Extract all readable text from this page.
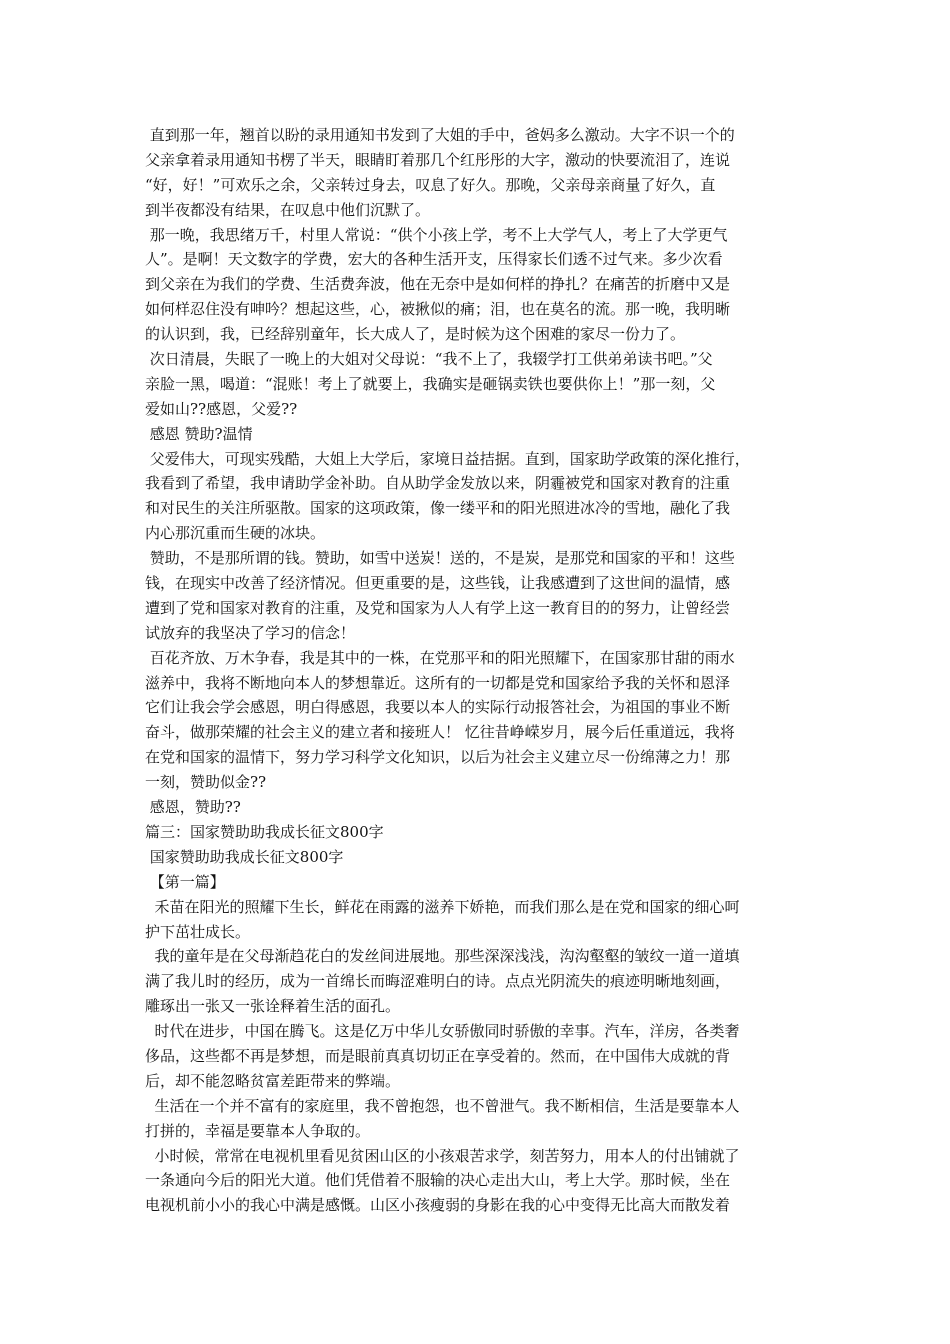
直到那一年，翘首以盼的录用通知书发到了大姐的手中，爸妈多么激动。大字不识一个的
父亲拿着录用通知书楞了半天，眼睛盯着那几个红彤彤的大字，激动的快要流泪了，连说
“好，好！”可欢乐之余，父亲转过身去，叹息了好久。那晚，父亲母亲商量了好久，直
到半夜都没有结果，在叹息中他们沉默了。
那一晚，我思绪万千，村里人常说：“供个小孩上学，考不上大学气人，考上了大学更气
人”。是啊！天文数字的学费，宏大的各种生活开支，压得家长们透不过气来。多少次看
到父亲在为我们的学费、生活费奔波，他在无奈中是如何样的挣扎？在痛苦的折磨中又是
如何样忍住没有呻吟？想起这些，心，被揪似的痛；泪，也在莫名的流。那一晚，我明晰
的认识到，我，已经辞别童年，长大成人了，是时候为这个困难的家尽一份力了。
次日清晨，失眠了一晚上的大姐对父母说：“我不上了，我辍学打工供弟弟读书吧。”父
亲脸一黑，喝道：“混账！考上了就要上，我确实是砸锅卖铁也要供你上！”那一刻，父
爱如山??感恩，父爱??
感恩 赞助?温情
父爱伟大，可现实残酷，大姐上大学后，家境日益拮据。直到，国家助学政策的深化推行，
我看到了希望，我申请助学金补助。自从助学金发放以来，阴霾被党和国家对教育的注重
和对民生的关注所驱散。国家的这项政策，像一缕平和的阳光照进冰冷的雪地，融化了我
内心那沉重而生硬的冰块。
赞助，不是那所谓的钱。赞助，如雪中送炭！送的，不是炭，是那党和国家的平和！这些
钱，在现实中改善了经济情况。但更重要的是，这些钱，让我感遭到了这世间的温情，感
遭到了党和国家对教育的注重，及党和国家为人人有学上这一教育目的的努力，让曾经尝
试放弃的我坚决了学习的信念！
百花齐放、万木争春，我是其中的一株，在党那平和的阳光照耀下，在国家那甘甜的雨水
滋养中，我将不断地向本人的梦想靠近。这所有的一切都是党和国家给予我的关怀和恩泽
它们让我会学会感恩，明白得感恩，我要以本人的实际行动报答社会，为祖国的事业不断
奋斗，做那荣耀的社会主义的建立者和接班人！ 忆往昔峥嵘岁月，展今后任重道远，我将
在党和国家的温情下，努力学习科学文化知识，以后为社会主义建立尽一份绵薄之力！那
一刻，赞助似金??
感恩，赞助??
篇三：国家赞助助我成长征文800字
国家赞助助我成长征文800字
【第一篇】
禾苗在阳光的照耀下生长，鲜花在雨露的滋养下娇艳，而我们那么是在党和国家的细心呵
护下茁壮成长。
我的童年是在父母渐趋花白的发丝间进展地。那些深深浅浅，沟沟壑壑的皱纹一道一道填
满了我儿时的经历，成为一首绵长而晦涩难明白的诗。点点光阴流失的痕迹明晰地刻画，
雕琢出一张又一张诠释着生活的面孔。
时代在进步，中国在腾飞。这是亿万中华儿女骄傲同时骄傲的幸事。汽车，洋房，各类奢
侈品，这些都不再是梦想，而是眼前真真切切正在享受着的。然而，在中国伟大成就的背
后，却不能忽略贫富差距带来的弊端。
生活在一个并不富有的家庭里，我不曾抱怨，也不曾泄气。我不断相信，生活是要靠本人
打拼的，幸福是要靠本人争取的。
小时候，常常在电视机里看见贫困山区的小孩艰苦求学，刻苦努力，用本人的付出铺就了
一条通向今后的阳光大道。他们凭借着不服输的决心走出大山，考上大学。那时候，坐在
电视机前小小的我心中满是感慨。山区小孩瘦弱的身影在我的心中变得无比高大而散发着
